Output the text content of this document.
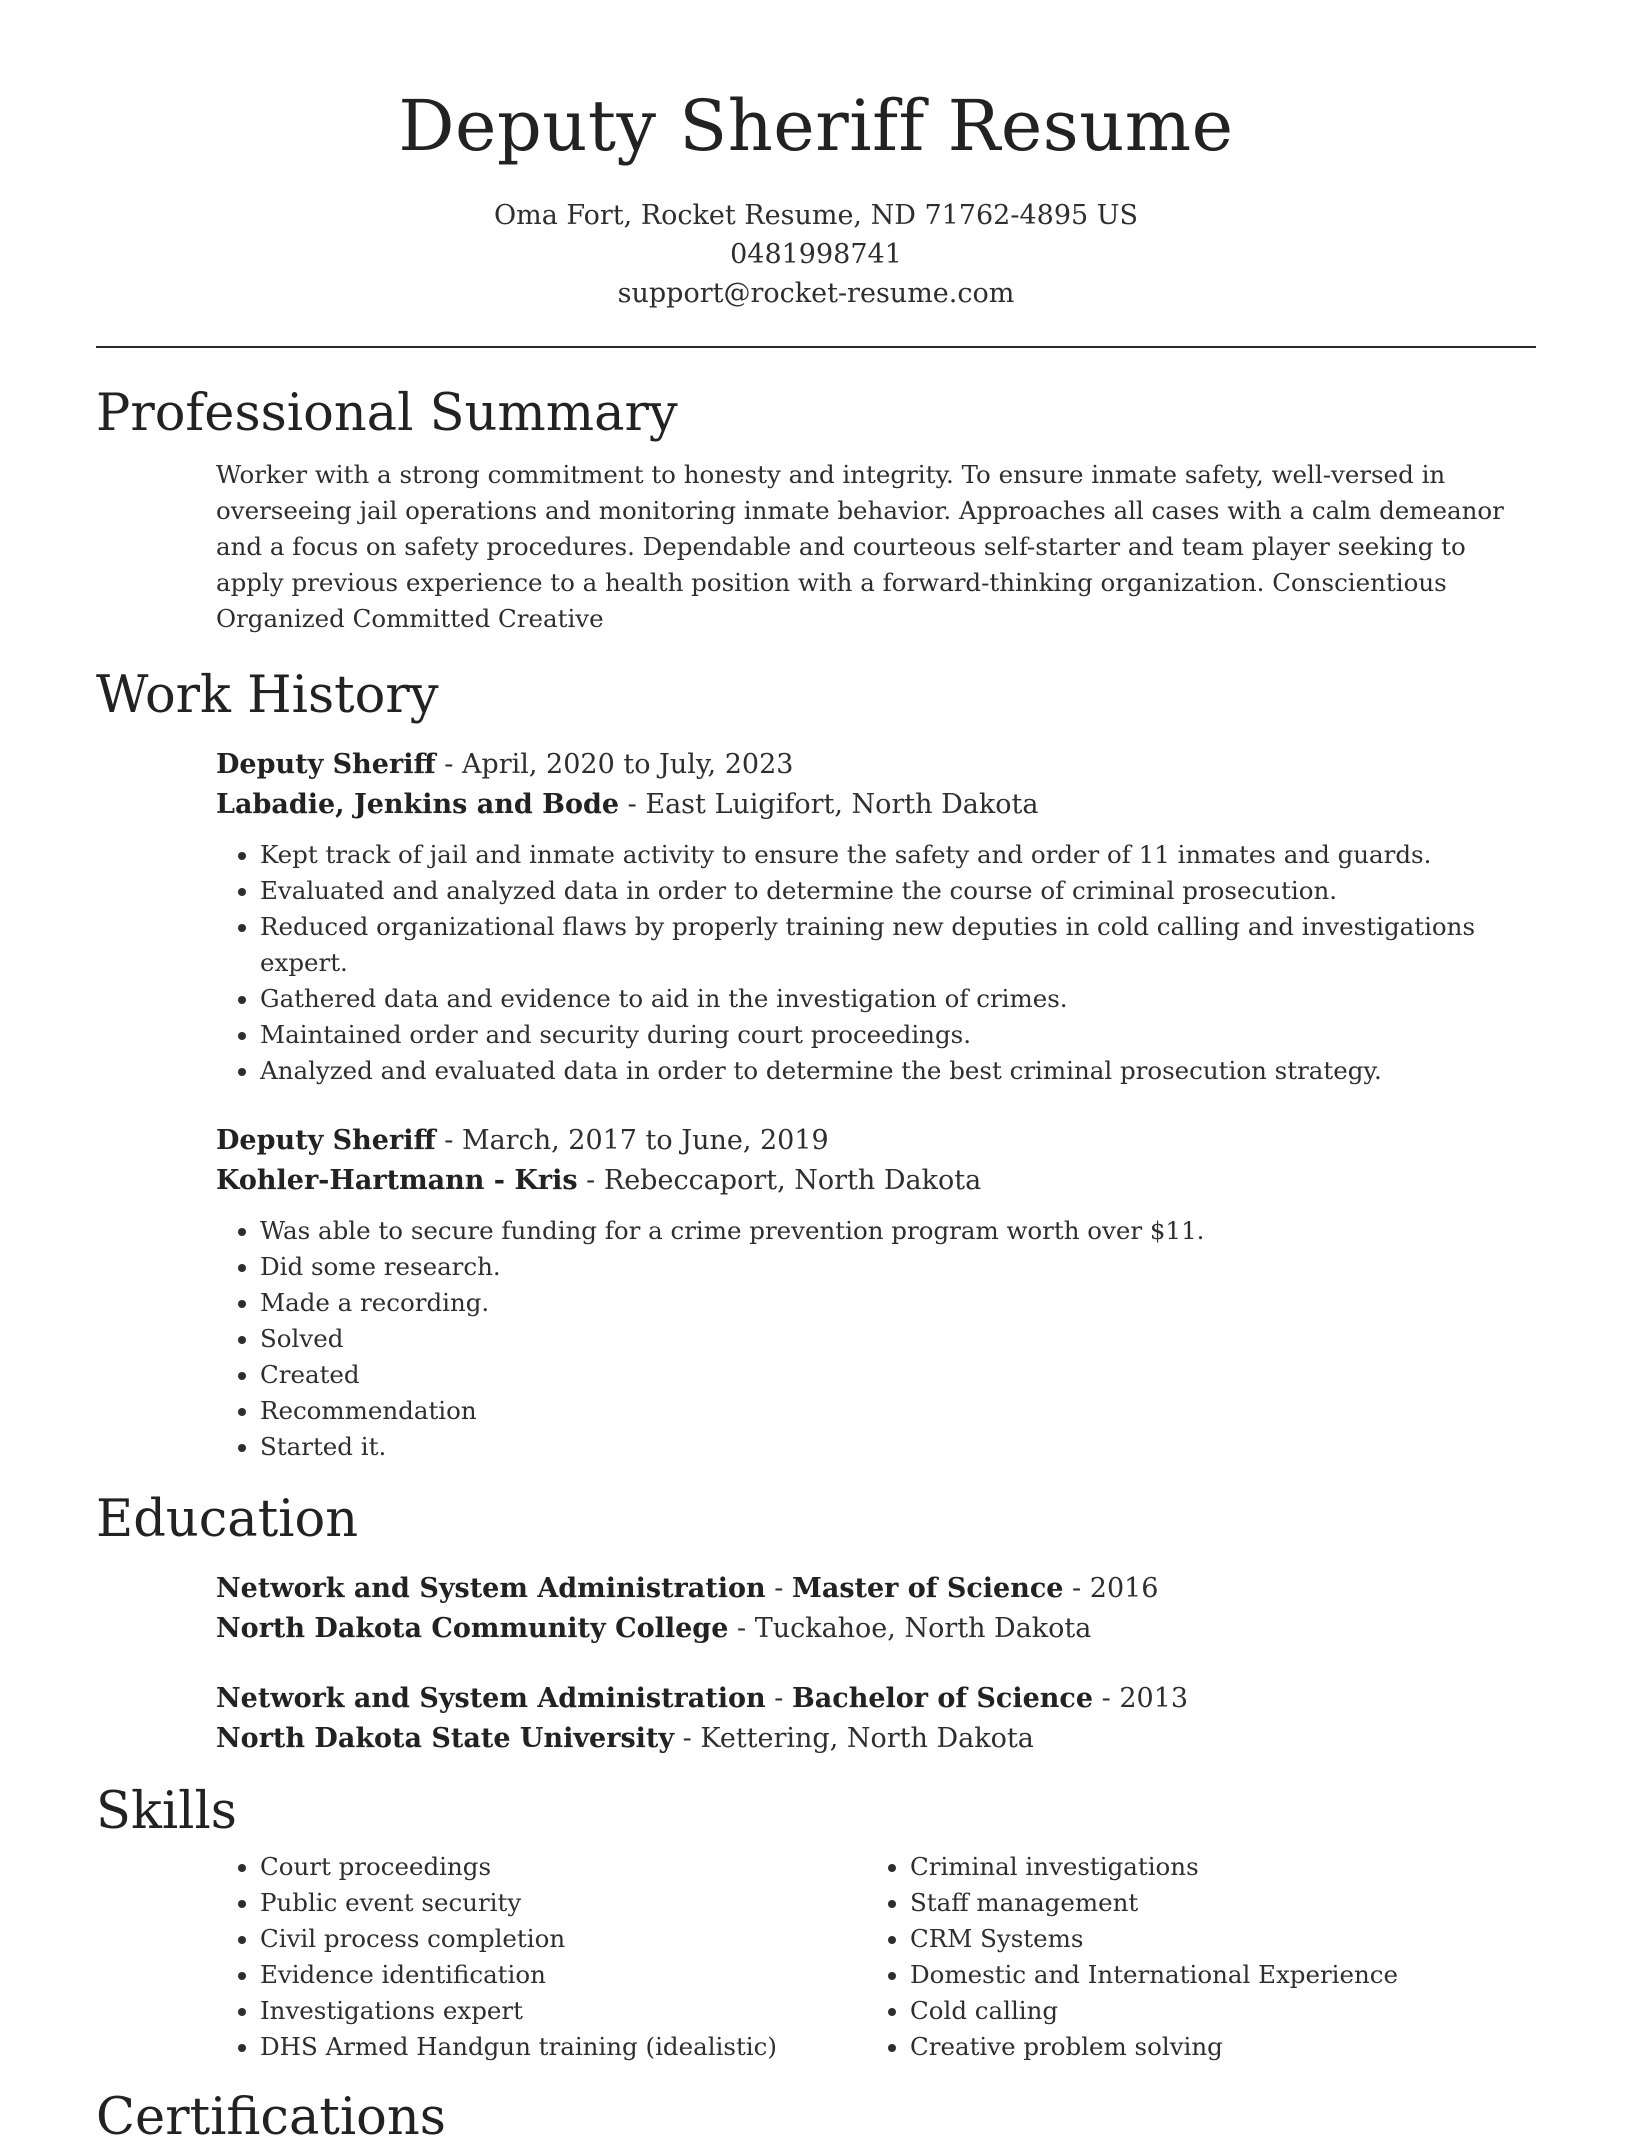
Deputy Sheriff Resume
Oma Fort, Rocket Resume, ND 71762-4895 US
0481998741
support@rocket-resume.com
Professional Summary

Worker with a strong commitment to honesty and integrity. To ensure inmate safety, well-versed in overseeing jail operations and monitoring inmate behavior. Approaches all cases with a calm demeanor and a focus on safety procedures. Dependable and courteous self-starter and team player seeking to apply previous experience to a health position with a forward-thinking organization. Conscientious Organized Committed Creative

Work History
Deputy Sheriff - April, 2020 to July, 2023
Labadie, Jenkins and Bode - East Luigifort, North Dakota
• Kept track of jail and inmate activity to ensure the safety and order of 11 inmates and guards.
• Evaluated and analyzed data in order to determine the course of criminal prosecution.
• Reduced organizational flaws by properly training new deputies in cold calling and investigations expert.
• Gathered data and evidence to aid in the investigation of crimes.
• Maintained order and security during court proceedings.
• Analyzed and evaluated data in order to determine the best criminal prosecution strategy.
Deputy Sheriff - March, 2017 to June, 2019
Kohler-Hartmann - Kris - Rebeccaport, North Dakota
• Was able to secure funding for a crime prevention program worth over $11.
• Did some research.
• Made a recording.
• Solved
• Created
• Recommendation
• Started it.
Education
Network and System Administration - Master of Science - 2016
North Dakota Community College - Tuckahoe, North Dakota
Network and System Administration - Bachelor of Science - 2013
North Dakota State University - Kettering, North Dakota
Skills
• Court proceedings
• Public event security
• Civil process completion
• Evidence identification
• Investigations expert
• DHS Armed Handgun training (idealistic)
• Criminal investigations
• Staff management
• CRM Systems
• Domestic and International Experience
• Cold calling
• Creative problem solving
Certifications
